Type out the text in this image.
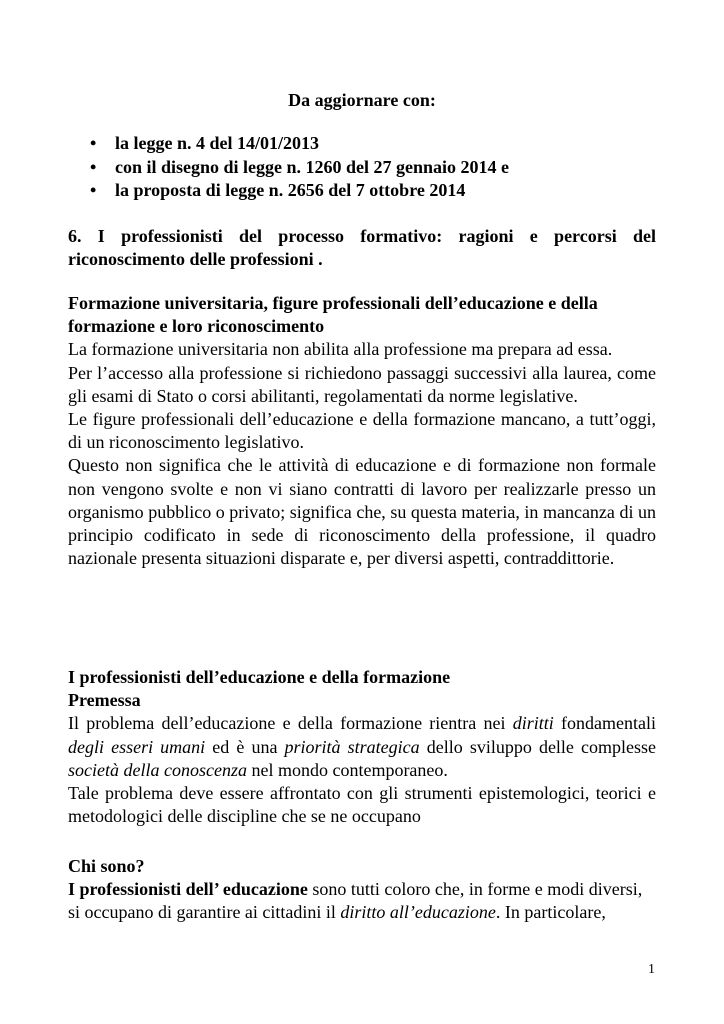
Da aggiornare con:
• la legge n. 4 del 14/01/2013
• con il disegno di legge n. 1260 del 27 gennaio 2014 e
• la proposta di legge n. 2656 del 7 ottobre 2014
6. I professionisti del processo formativo: ragioni e percorsi del riconoscimento delle professioni .

Formazione universitaria, figure professionali dell’educazione e della formazione e loro riconoscimento

La formazione universitaria non abilita alla professione ma prepara ad essa.

Per l’accesso alla professione si richiedono passaggi successivi alla laurea, come gli esami di Stato o corsi abilitanti, regolamentati da norme legislative.

Le figure professionali dell’educazione e della formazione mancano, a tutt’oggi, di un riconoscimento legislativo.

Questo non significa che le attività di educazione e di formazione non formale non vengono svolte e non vi siano contratti di lavoro per realizzarle presso un organismo pubblico o privato; significa che, su questa materia, in mancanza di un principio codificato in sede di riconoscimento della professione, il quadro nazionale presenta situazioni disparate e, per diversi aspetti, contraddittorie.

I professionisti dell’educazione e della formazione

Premessa

Il problema dell’educazione e della formazione rientra nei diritti fondamentali degli esseri umani ed è una priorità strategica dello sviluppo delle complesse società della conoscenza nel mondo contemporaneo.

Tale problema deve essere affrontato con gli strumenti epistemologici, teorici e metodologici delle discipline che se ne occupano

Chi sono?

I professionisti dell’ educazione sono tutti coloro che, in forme e modi diversi, si occupano di garantire ai cittadini il diritto all’educazione. In particolare,

1
